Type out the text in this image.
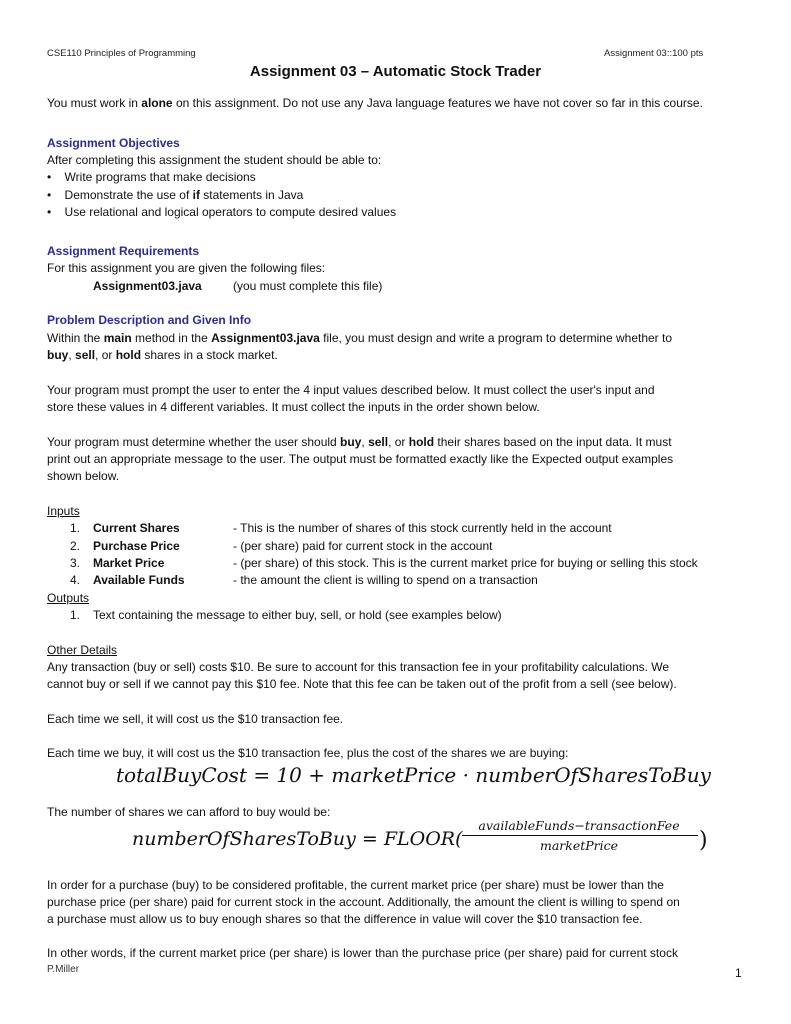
CSE110 Principles of Programming	Assignment 03::100 pts
Assignment 03 – Automatic Stock Trader
You must work in alone on this assignment. Do not use any Java language features we have not cover so far in this course.
Assignment Objectives
After completing this assignment the student should be able to:
•    Write programs that make decisions
•    Demonstrate the use of if statements in Java
•    Use relational and logical operators to compute desired values
Assignment Requirements
For this assignment you are given the following files:
Assignment03.java	(you must complete this file)
Problem Description and Given Info
Within the main method in the Assignment03.java file, you must design and write a program to determine whether to
buy, sell, or hold shares in a stock market.
Your program must prompt the user to enter the 4 input values described below. It must collect the user's input and
store these values in 4 different variables. It must collect the inputs in the order shown below.
Your program must determine whether the user should buy, sell, or hold their shares based on the input data. It must
print out an appropriate message to the user. The output must be formatted exactly like the Expected output examples
shown below.
Inputs
1. Current Shares	- This is the number of shares of this stock currently held in the account
2. Purchase Price	- (per share) paid for current stock in the account
3. Market Price	- (per share) of this stock. This is the current market price for buying or selling this stock
4. Available Funds	- the amount the client is willing to spend on a transaction
Outputs
1. Text containing the message to either buy, sell, or hold (see examples below)
Other Details
Any transaction (buy or sell) costs $10. Be sure to account for this transaction fee in your profitability calculations. We
cannot buy or sell if we cannot pay this $10 fee. Note that this fee can be taken out of the profit from a sell (see below).
Each time we sell, it will cost us the $10 transaction fee.
Each time we buy, it will cost us the $10 transaction fee, plus the cost of the shares we are buying:
totalBuyCost = 10 + marketPrice · numberOfSharesToBuy
The number of shares we can afford to buy would be:
numberOfSharesToBuy = FLOOR(
availableFunds−transactionFee
marketPrice	)
In order for a purchase (buy) to be considered profitable, the current market price (per share) must be lower than the
purchase price (per share) paid for current stock in the account. Additionally, the amount the client is willing to spend on
a purchase must allow us to buy enough shares so that the difference in value will cover the $10 transaction fee.
In other words, if the current market price (per share) is lower than the purchase price (per share) paid for current stock
P.Miller	1
